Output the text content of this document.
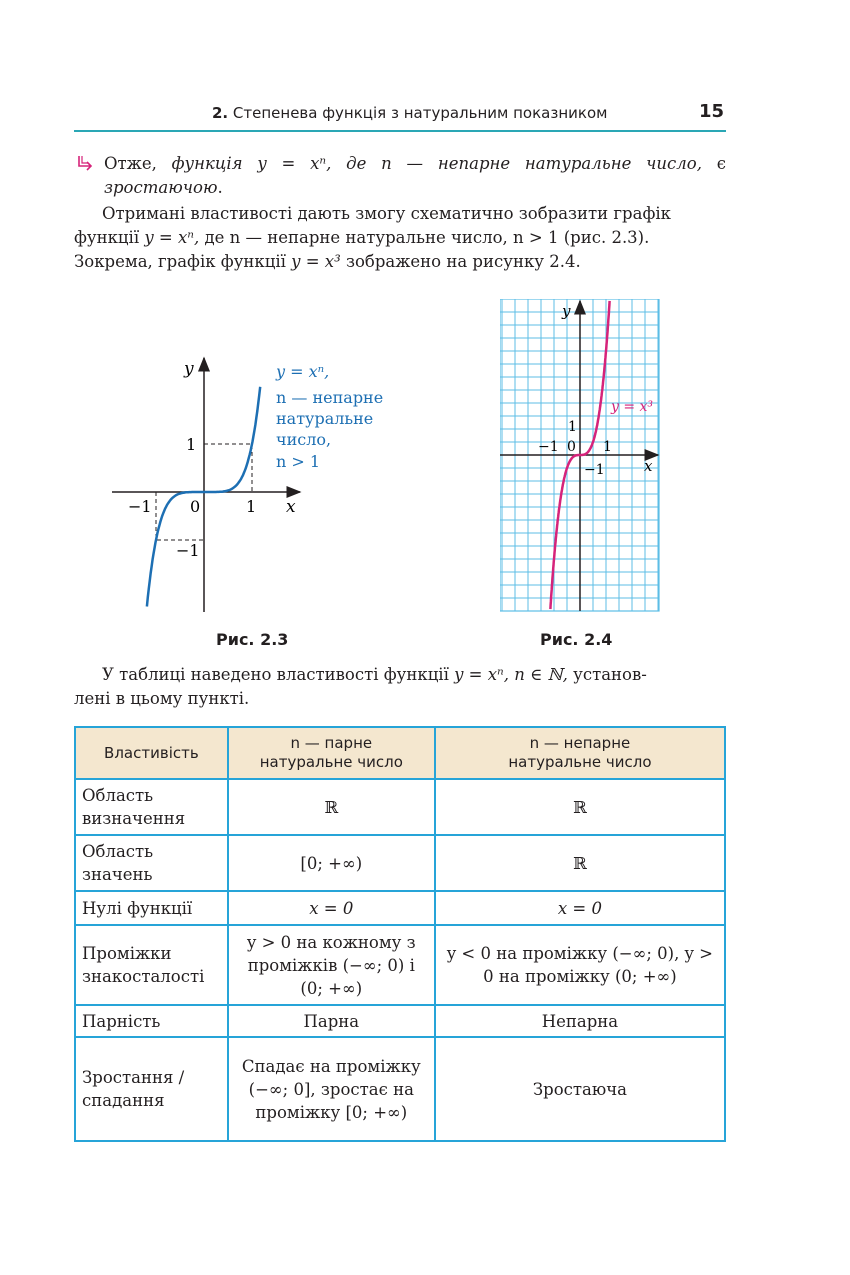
2. Степенева функція з натуральним показником	15
Отже, функція y = xⁿ, де n — непарне натуральне число, є зростаючою.
Отримані властивості дають змогу схематично зобразити графік
функції y = xⁿ, де n — непарне натуральне число, n > 1 (рис. 2.3).
Зокрема, графік функції y = x³ зображено на рисунку 2.4.
y
x
1
1
−1
−1
0
y = xⁿ,
n — непарне
натуральне
число,
n > 1
Рис. 2.3
y
x
1
1
−1
−1
0
y = x³
Рис. 2.4
У таблиці наведено властивості функції y = xⁿ, n ∈ ℕ, установ-
лені в цьому пункті.
Властивість	n — парне натуральне число	n — непарне натуральне число
Область визначення	ℝ	ℝ
Область значень	[0; +∞)	ℝ
Нулі функції	x = 0	x = 0
Проміжки знакосталості	y > 0 на кожному з проміжків (−∞; 0) і (0; +∞)	y < 0 на проміжку (−∞; 0), y > 0 на проміжку (0; +∞)
Парність	Парна	Непарна
Зростання / спадання	Спадає на проміжку (−∞; 0], зростає на проміжку [0; +∞)	Зростаюча
